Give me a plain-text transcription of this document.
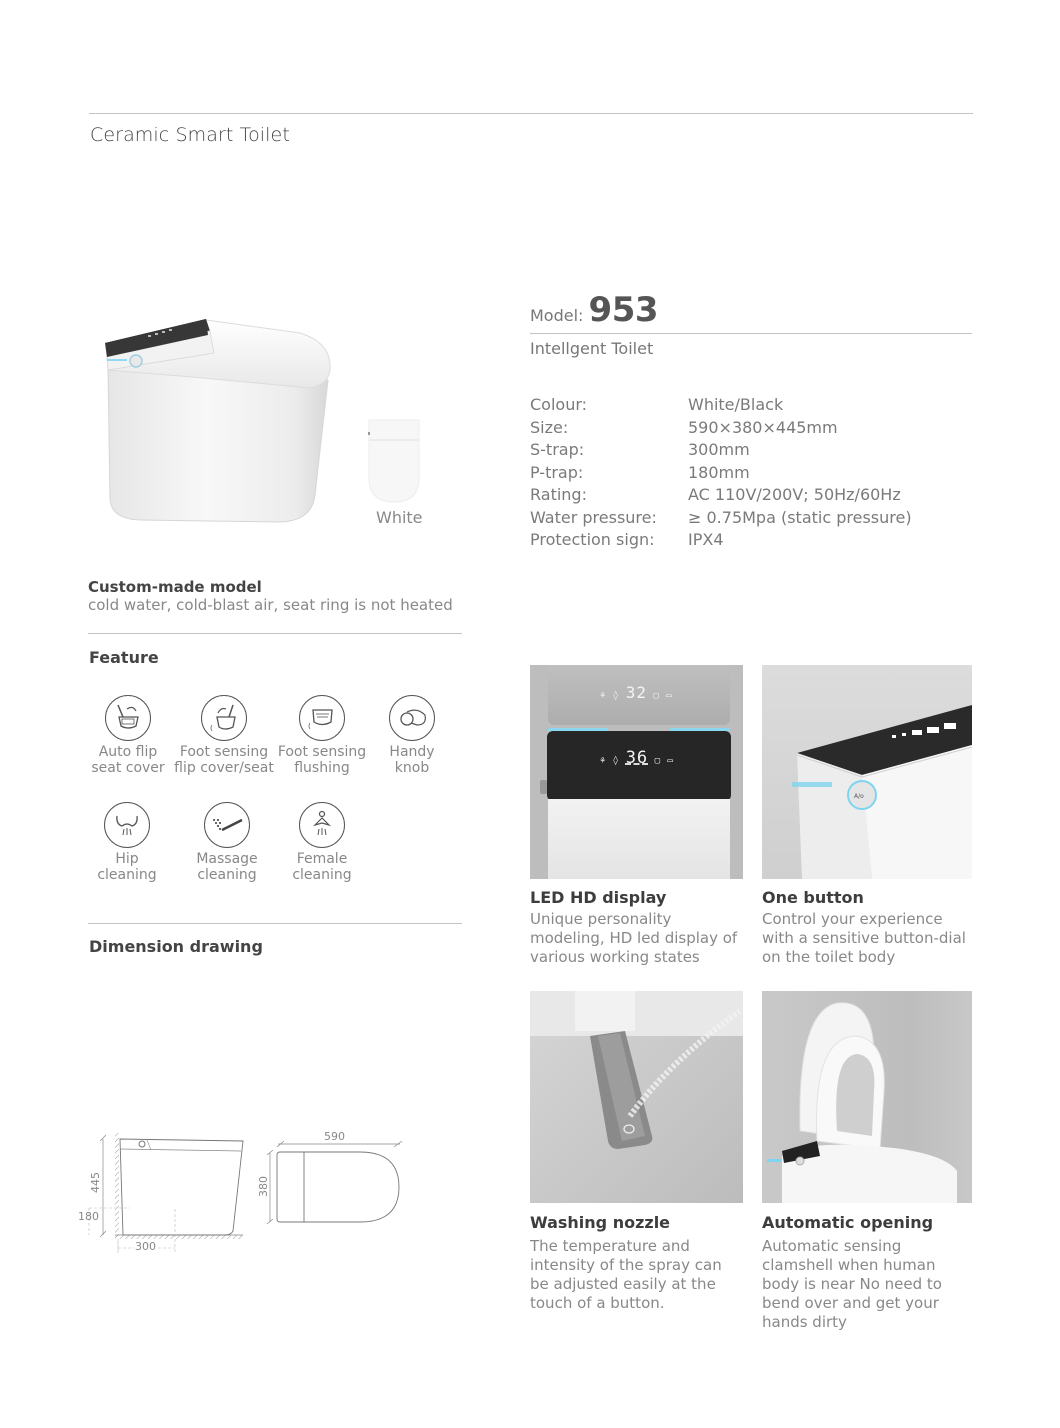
Ceramic Smart Toilet
White
Model: 953
Intellgent Toilet
Colour:	White/Black
Size:	590×380×445mm
S-trap:	300mm
P-trap:	180mm
Rating:	AC 110V/200V; 50Hz/60Hz
Water pressure:	≥ 0.75Mpa (static pressure)
Protection sign:	IPX4
Custom-made model
cold water, cold-blast air, seat ring is not heated
Feature
Auto flip
seat cover
Foot sensing
flip cover/seat
Foot sensing
flushing
Handy
knob
Hip
cleaning
Massage
cleaning
Female
cleaning
Dimension drawing
445
180
300
590
380
⚘ ◊ 32 ▢ ▭
⚘ ◊ 36 ▢ ▭
LED HD display
Unique personality modeling, HD led display of various working states
A/o
One button
Control your experience with a sensitive button-dial on the toilet body
Washing nozzle
The temperature and intensity of the spray can be adjusted easily at the touch of a button.
Automatic opening
Automatic sensing clamshell when human body is near No need to bend over and get your hands dirty
